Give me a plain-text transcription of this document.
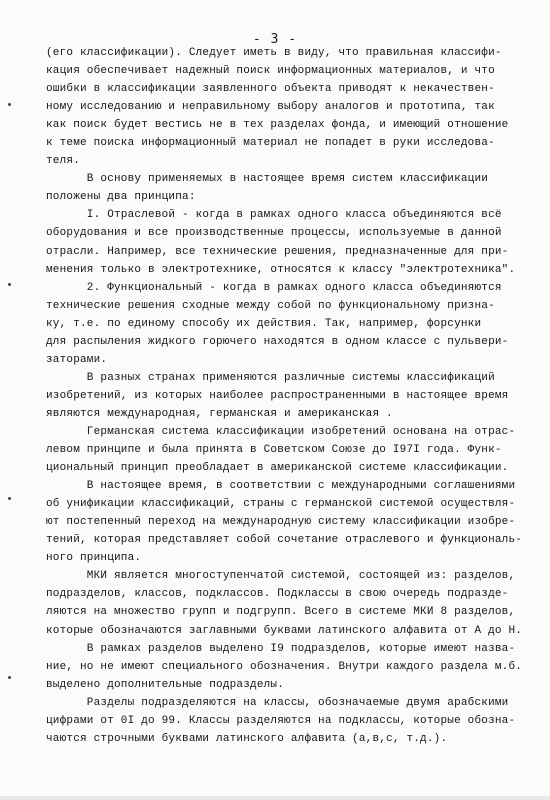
- 3 -
(его классификации). Следует иметь в виду, что правильная классифи-
кация обеспечивает надежный поиск информационных материалов, и что
ошибки в классификации заявленного объекта приводят к некачествен-
ному исследованию и неправильному выбору аналогов и прототипа, так
как поиск будет вестись не в тех разделах фонда, и имеющий отношение
к теме поиска информационный материал не попадет в руки исследова-
теля.
В основу применяемых в настоящее время систем классификации
положены два принципа:
I. Отраслевой - когда в рамках одного класса объединяются всё
оборудования и все производственные процессы, используемые в данной
отрасли. Например, все технические решения, предназначенные для при-
менения только в электротехнике, относятся к классу "электротехника".
2. Функциональный - когда в рамках одного класса объединяются
технические решения сходные между собой по функциональному призна-
ку, т.е. по единому способу их действия. Так, например, форсунки
для распыления жидкого горючего находятся в одном классе с пульвери-
заторами.
В разных странах применяются различные системы классификаций
изобретений, из которых наиболее распространенными в настоящее время
являются международная, германская и американская .
Германская система классификации изобретений основана на отрас-
левом принципе и была принята в Советском Союзе до I97I года. Функ-
циональный принцип преобладает в американской системе классификации.
В настоящее время, в соответствии с международными соглашениями
об унификации классификаций, страны с германской системой осуществля-
ют постепенный переход на международную систему классификации изобре-
тений, которая представляет собой сочетание отраслевого и функциональ-
ного принципа.
МКИ является многоступенчатой системой, состоящей из: разделов,
подразделов, классов, подклассов. Подклассы в свою очередь подразде-
ляются на множество групп и подгрупп. Всего в системе МКИ 8 разделов,
которые обозначаются заглавными буквами латинского алфавита от А до Н.
В рамках разделов выделено I9 подразделов, которые имеют назва-
ние, но не имеют специального обозначения. Внутри каждого раздела м.б.
выделено дополнительные подразделы.
Разделы подразделяются на классы, обозначаемые двумя арабскими
цифрами от 0I до 99. Классы разделяются на подклассы, которые обозна-
чаются строчными буквами латинского алфавита (а,в,с, т.д.).
